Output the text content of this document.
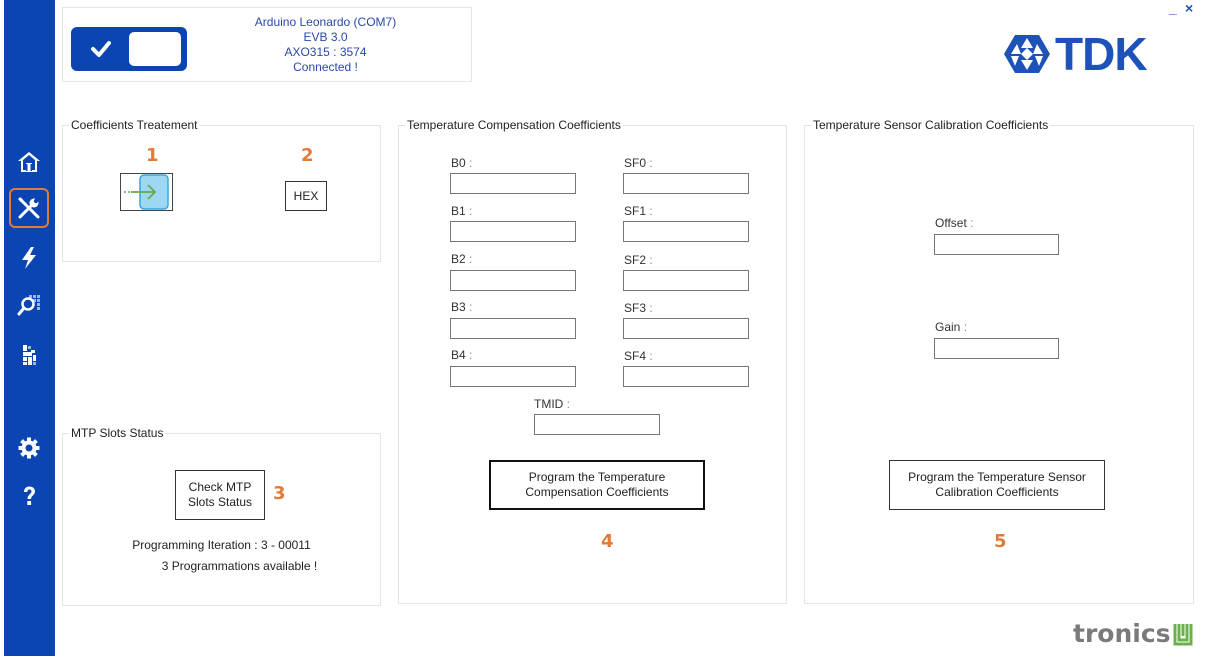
Arduino Leonardo (COM7)
EVB 3.0
AXO315 : 3574
Connected !
_ ×
TDK
Coefficients Treatement
1	2
HEX
MTP Slots Status
Check MTP
Slots Status 3
Programming Iteration : 3 - 00011
3 Programmations available !
Temperature Compensation Coefficients
B0 :	SF0 :
B1 :	SF1 :
B2 :	SF2 :
B3 :	SF3 :
B4 :	SF4 :
TMID :
Program the Temperature
Compensation Coefficients
4
Temperature Sensor Calibration Coefficients
Offset :
Gain :
Program the Temperature Sensor
Calibration Coefficients
5
tronics
